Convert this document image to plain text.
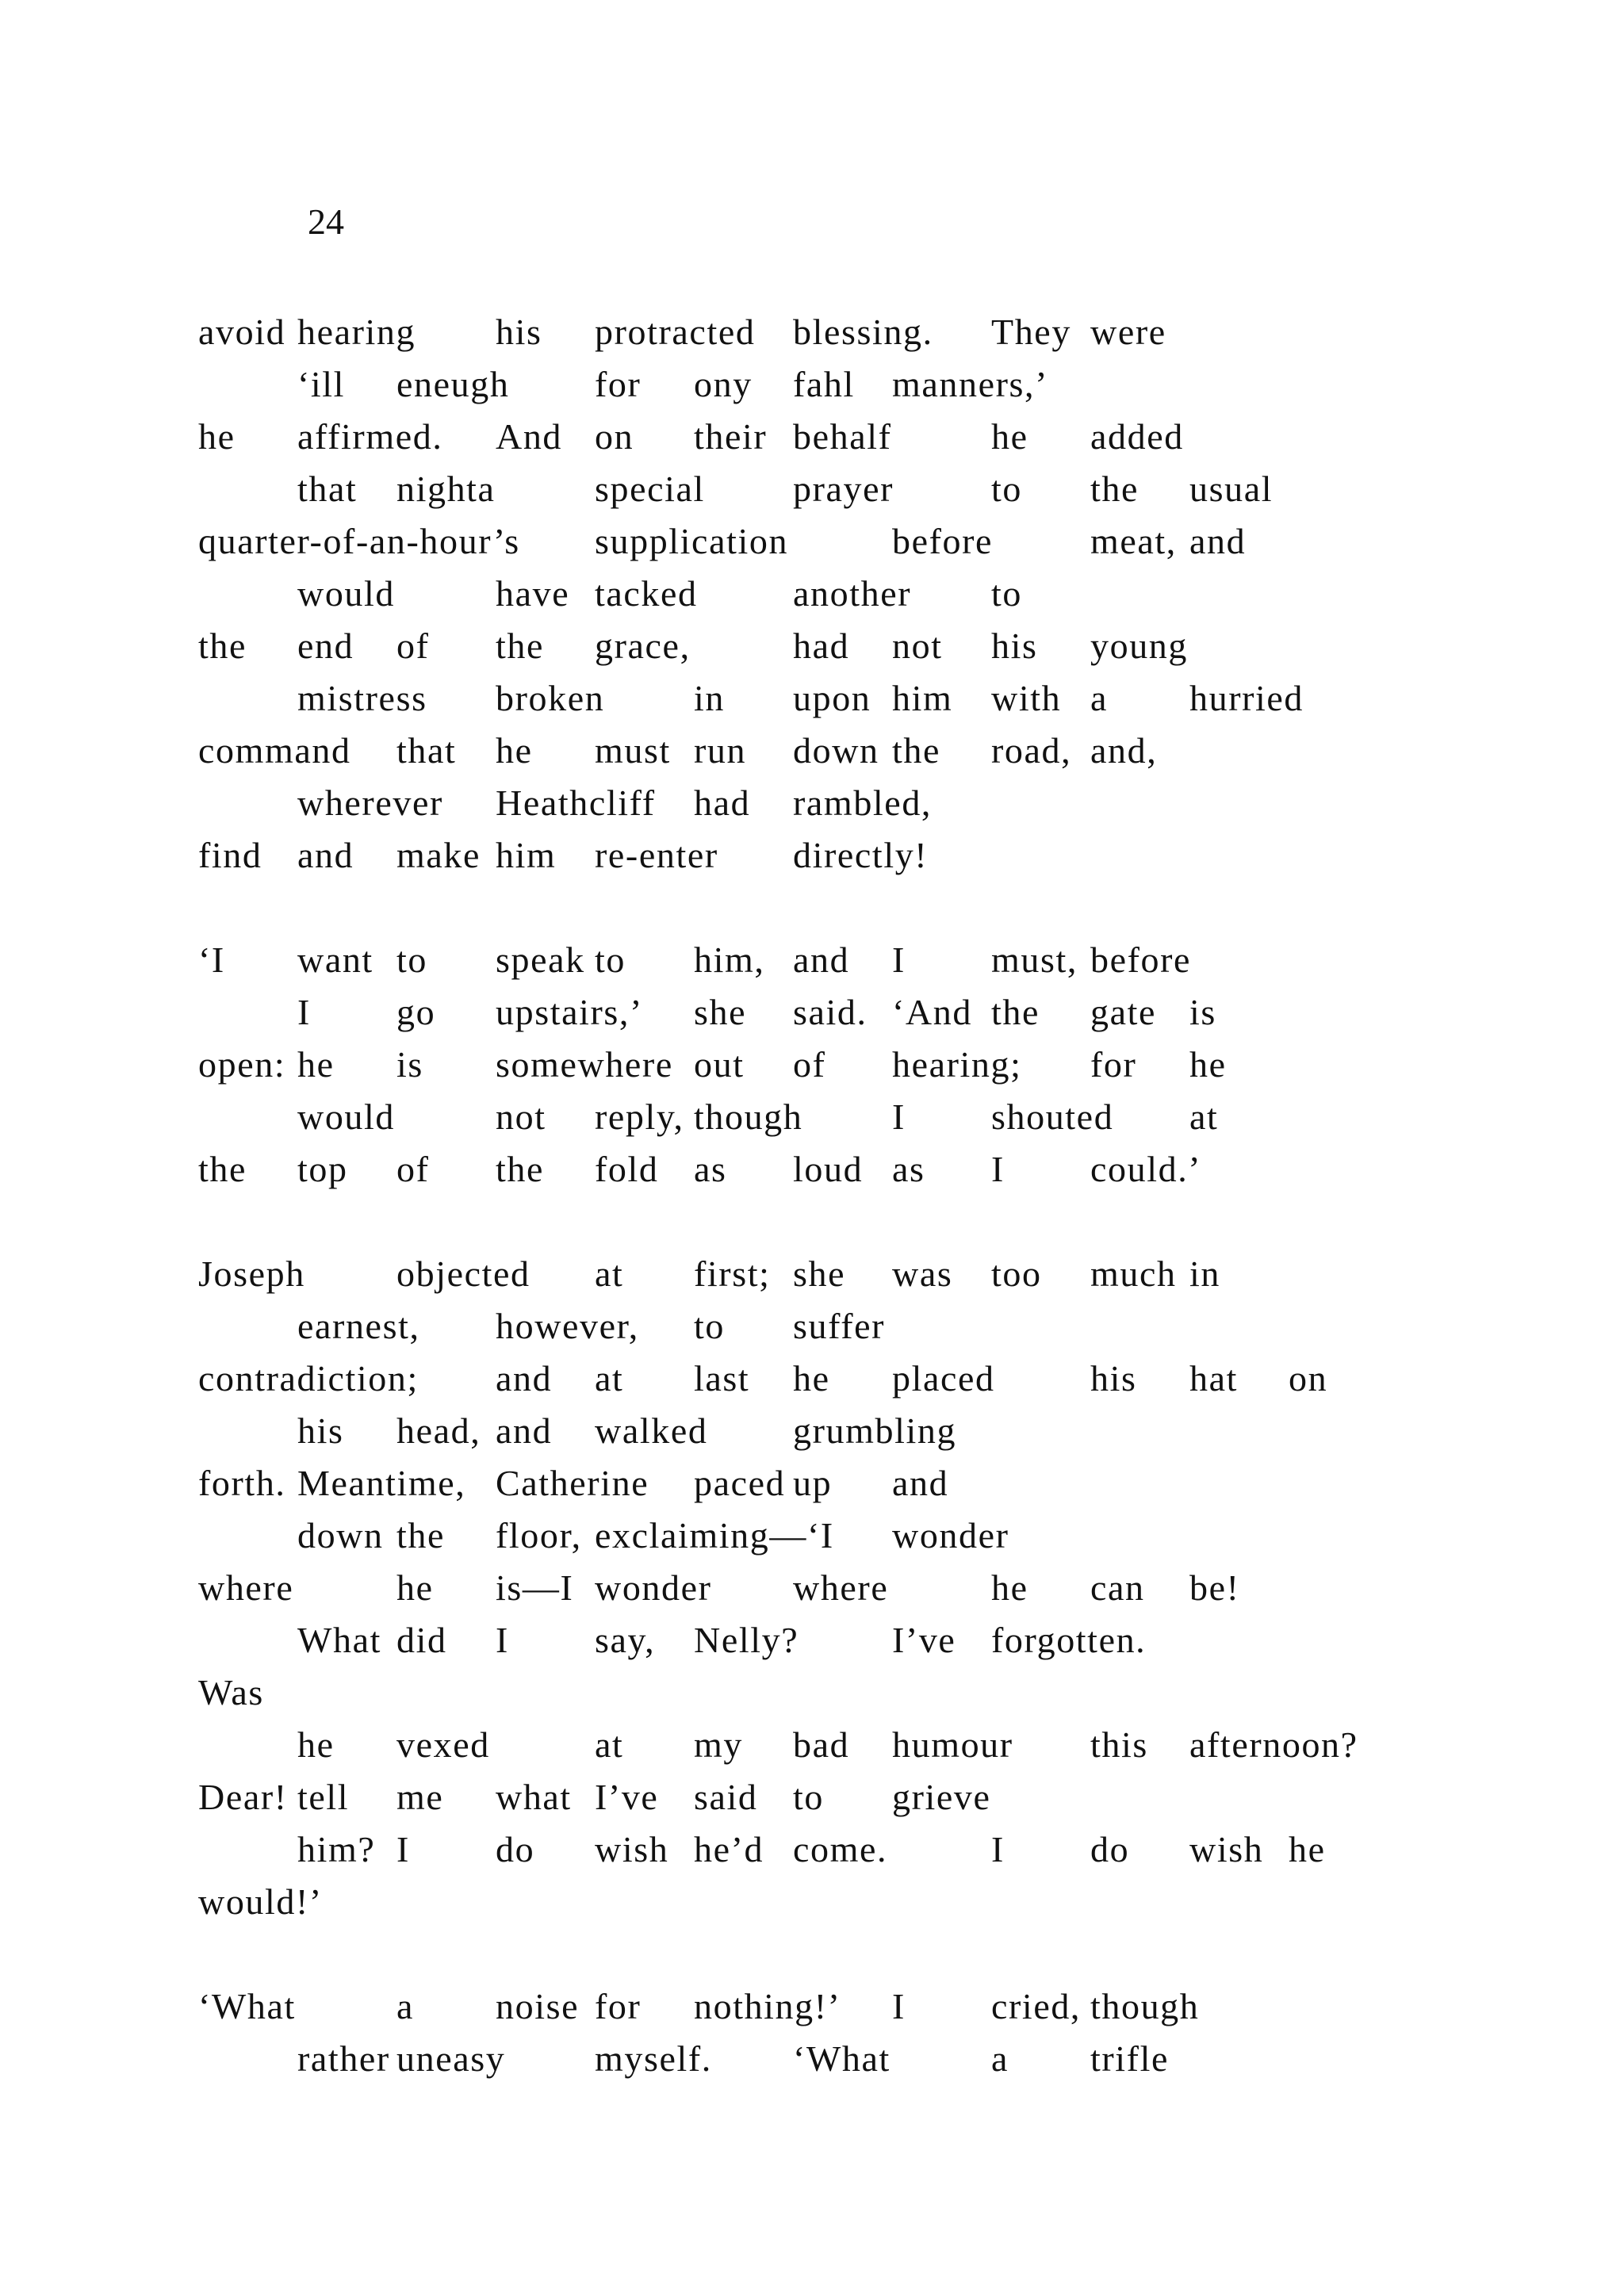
24
avoid hearing his protracted blessing. They were
‘ill eneugh for ony fahl manners,’
he affirmed. And on their behalf	he added
that nighta	special prayer	to the usual
quarter-of-an-hour’s supplication	before	meat, and
would	have tacked	another to
the end of the grace,	had not his young
mistress broken in upon him with a hurried
command that he must run down the road, and,
wherever Heathcliff had rambled,
find and make him re-enter directly!
‘I want to speak to him, and I must, before
I go upstairs,’ she said. ‘And the gate is
open: he is somewhere out of hearing; for he
would	not reply, though I shouted at
the top of the fold as loud as I could.’
Joseph	objected at first; she was too much in
earnest, however, to suffer
contradiction; and at last he placed	his hat on
his head, and walked grumbling
forth. Meantime, Catherine paced up and
down the floor, exclaiming—‘I wonder
where	he is—I wonder where	he can be!
What did I say, Nelly?	I’ve forgotten.
Was
he vexed	at my bad humour this afternoon?
Dear! tell me what I’ve said to grieve
him? I do wish he’d come.	I do wish he
would!’
‘What	a noise for nothing!’ I cried, though
rather uneasy myself. ‘What	a trifle
